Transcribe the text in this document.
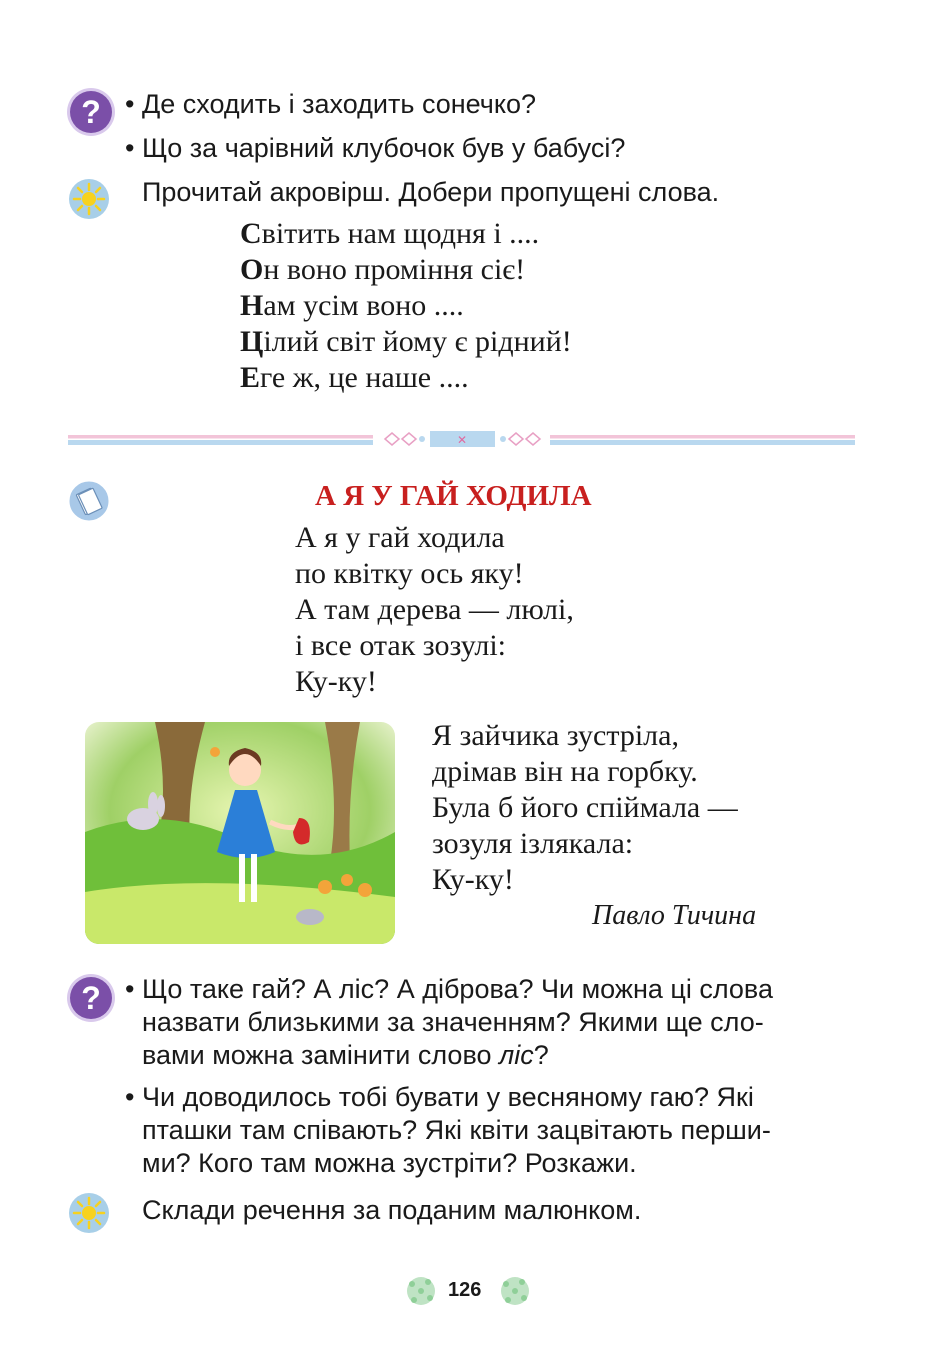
? • Де сходить і заходить сонечко?
• Що за чарівний клубочок був у бабусі?
Прочитай акровірш. Добери пропущені слова.
Світить нам щодня і ....
Он воно проміння сіє!
Нам усім воно ....
Цілий світ йому є рідний!
Еге ж, це наше ....
✕
А Я У ГАЙ ХОДИЛА
А я у гай ходила
по квітку ось яку!
А там дерева — люлі,
і все отак зозулі:
Ку-ку!
Я зайчика зустріла,
дрімав він на горбку.
Була б його спіймала —
зозуля ізлякала:
Ку-ку!
Павло Тичина
? • Що таке гай? А ліс? А діброва? Чи можна ці слова
назвати близькими за значенням? Якими ще сло-
вами можна замінити слово ліс?
• Чи доводилось тобі бувати у весняному гаю? Які
пташки там співають? Які квіти зацвітають перши-
ми? Кого там можна зустріти? Розкажи.
Склади речення за поданим малюнком.
126
